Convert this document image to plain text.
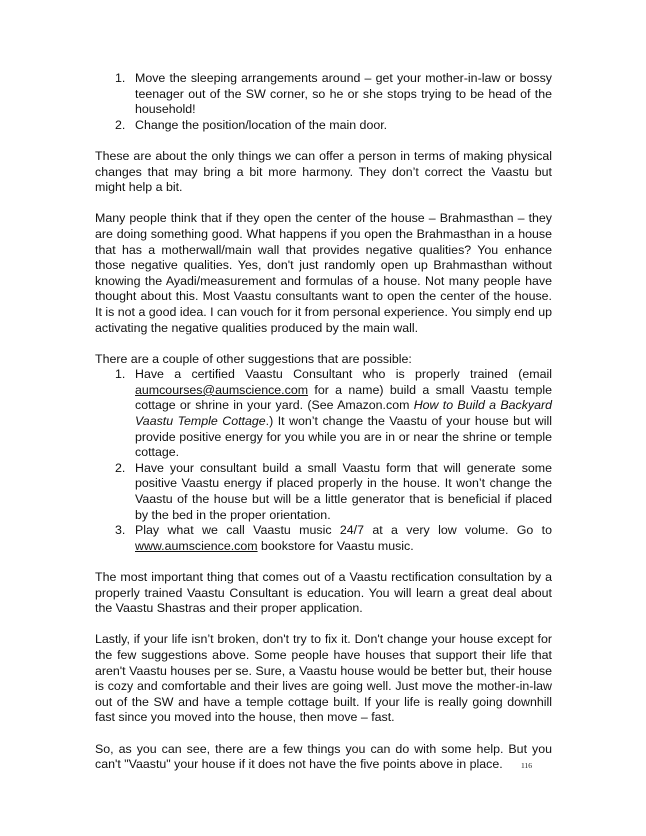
1. Move the sleeping arrangements around – get your mother-in-law or bossy teenager out of the SW corner, so he or she stops trying to be head of the household!
2. Change the position/location of the main door.

These are about the only things we can offer a person in terms of making physical changes that may bring a bit more harmony. They don’t correct the Vaastu but might help a bit.

Many people think that if they open the center of the house – Brahmasthan – they are doing something good. What happens if you open the Brahmasthan in a house that has a motherwall/main wall that provides negative qualities? You enhance those negative qualities. Yes, don't just randomly open up Brahmasthan without knowing the Ayadi/measurement and formulas of a house. Not many people have thought about this. Most Vaastu consultants want to open the center of the house. It is not a good idea. I can vouch for it from personal experience. You simply end up activating the negative qualities produced by the main wall.

There are a couple of other suggestions that are possible:

1. Have a certified Vaastu Consultant who is properly trained (email aumcourses@aumscience.com for a name) build a small Vaastu temple cottage or shrine in your yard. (See Amazon.com How to Build a Backyard Vaastu Temple Cottage.) It won’t change the Vaastu of your house but will provide positive energy for you while you are in or near the shrine or temple cottage.
2. Have your consultant build a small Vaastu form that will generate some positive Vaastu energy if placed properly in the house. It won’t change the Vaastu of the house but will be a little generator that is beneficial if placed by the bed in the proper orientation.
3. Play what we call Vaastu music 24/7 at a very low volume. Go to www.aumscience.com bookstore for Vaastu music.

The most important thing that comes out of a Vaastu rectification consultation by a properly trained Vaastu Consultant is education. You will learn a great deal about the Vaastu Shastras and their proper application.

Lastly, if your life isn’t broken, don't try to fix it. Don't change your house except for the few suggestions above. Some people have houses that support their life that aren't Vaastu houses per se. Sure, a Vaastu house would be better but, their house is cozy and comfortable and their lives are going well. Just move the mother-in-law out of the SW and have a temple cottage built. If your life is really going downhill fast since you moved into the house, then move – fast.

So, as you can see, there are a few things you can do with some help. But you can't "Vaastu" your house if it does not have the five points above in place.	116
